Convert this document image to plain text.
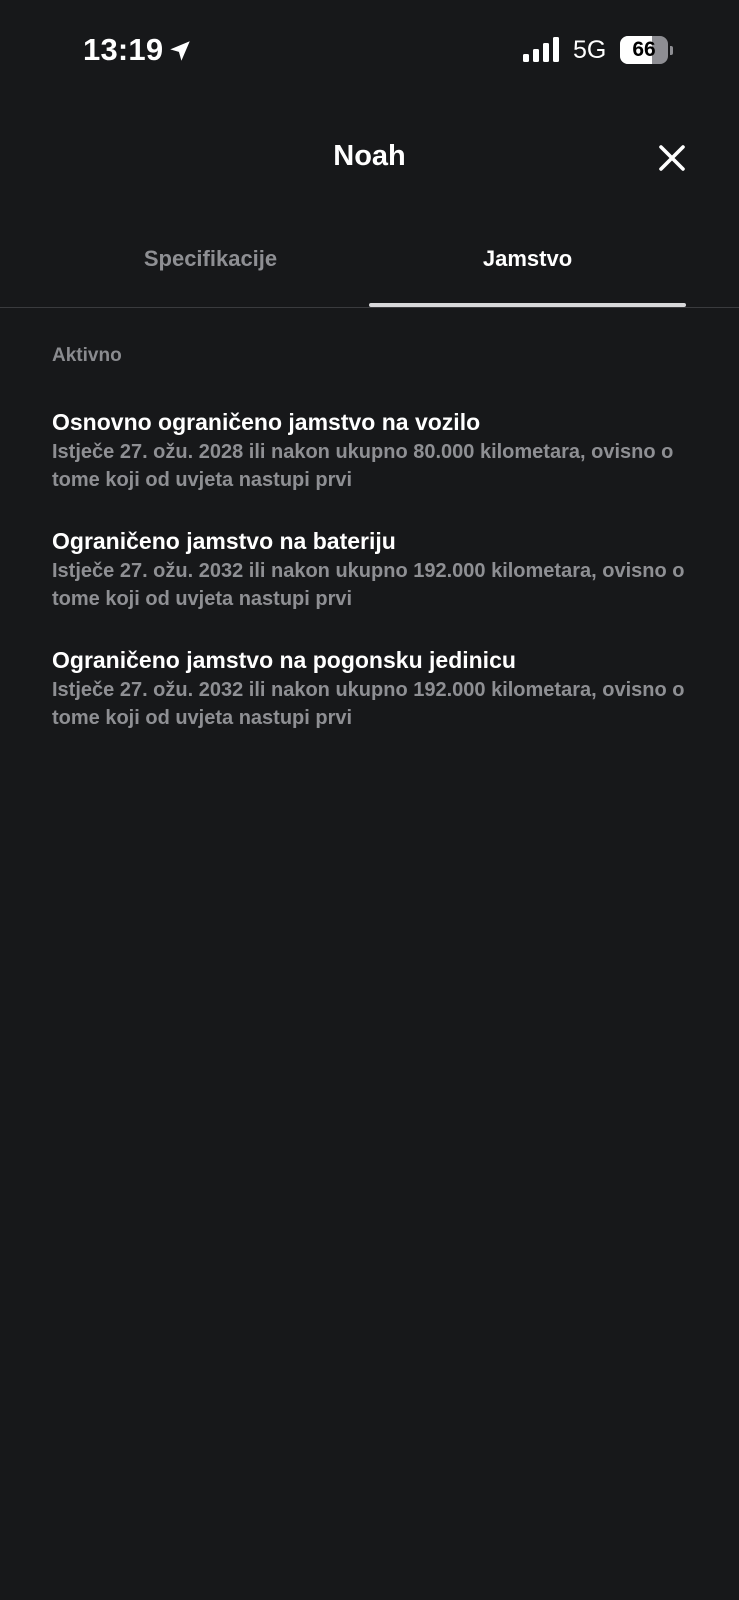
13:19	5G	66
Noah
Specifikacije	Jamstvo
Aktivno
Osnovno ograničeno jamstvo na vozilo
Istječe 27. ožu. 2028 ili nakon ukupno 80.000 kilometara, ovisno o tome koji od uvjeta nastupi prvi
Ograničeno jamstvo na bateriju
Istječe 27. ožu. 2032 ili nakon ukupno 192.000 kilometara, ovisno o tome koji od uvjeta nastupi prvi
Ograničeno jamstvo na pogonsku jedinicu
Istječe 27. ožu. 2032 ili nakon ukupno 192.000 kilometara, ovisno o tome koji od uvjeta nastupi prvi
